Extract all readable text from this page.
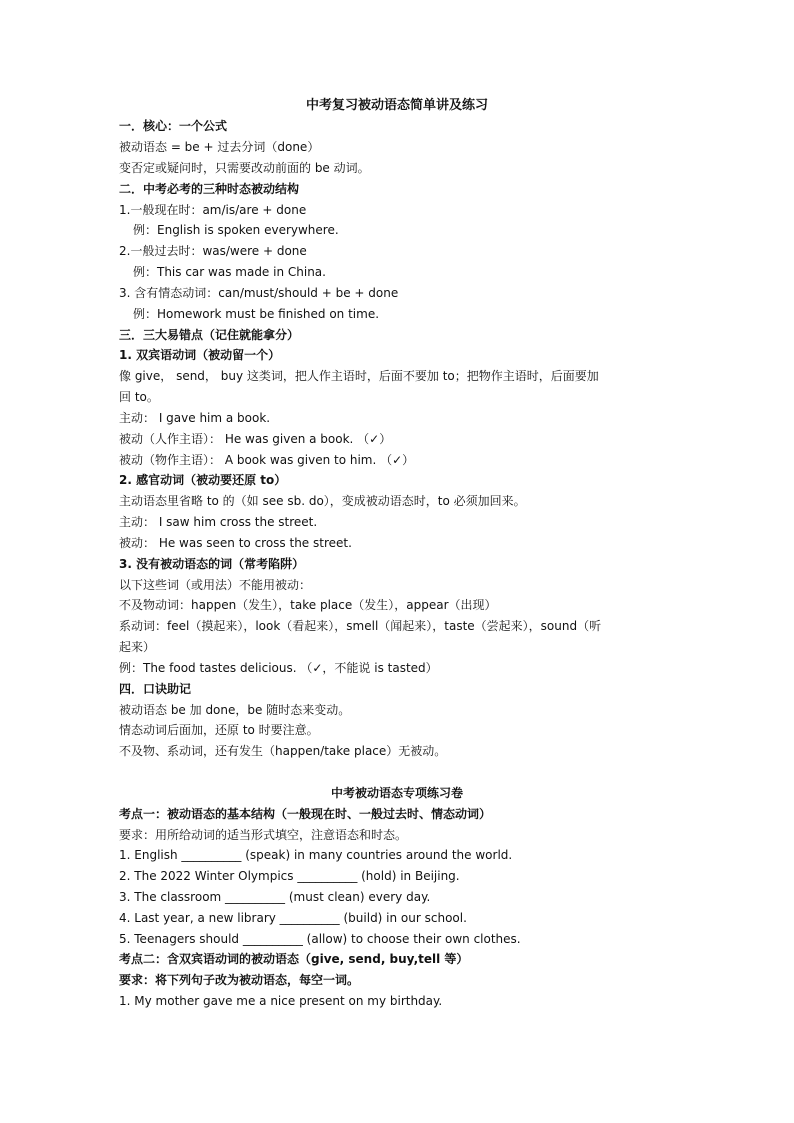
中考复习被动语态简单讲及练习
一．核心：一个公式
被动语态 = be + 过去分词（done）
变否定或疑问时，只需要改动前面的 be 动词。
二．中考必考的三种时态被动结构
1.一般现在时：am/is/are + done
例：English is spoken everywhere.
2.一般过去时：was/were + done
例：This car was made in China.
3. 含有情态动词：can/must/should + be + done
例：Homework must be finished on time.
三．三大易错点（记住就能拿分）
1. 双宾语动词（被动留一个）
像 give， send， buy 这类词，把人作主语时，后面不要加 to；把物作主语时，后面要加
回 to。
主动： I gave him a book.
被动（人作主语）： He was given a book. （✓）
被动（物作主语）： A book was given to him. （✓）
2. 感官动词（被动要还原 to）
主动语态里省略 to 的（如 see sb. do），变成被动语态时，to 必须加回来。
主动： I saw him cross the street.
被动： He was seen to cross the street.
3. 没有被动语态的词（常考陷阱）
以下这些词（或用法）不能用被动：
不及物动词：happen（发生），take place（发生），appear（出现）
系动词：feel（摸起来），look（看起来），smell（闻起来），taste（尝起来），sound（听
起来）
例：The food tastes delicious. （✓，不能说 is tasted）
四．口诀助记
被动语态 be 加 done，be 随时态来变动。
情态动词后面加，还原 to 时要注意。
不及物、系动词，还有发生（happen/take place）无被动。
中考被动语态专项练习卷
考点一：被动语态的基本结构（一般现在时、一般过去时、情态动词）
要求：用所给动词的适当形式填空，注意语态和时态。
1. English __________ (speak) in many countries around the world.
2. The 2022 Winter Olympics __________ (hold) in Beijing.
3. The classroom __________ (must clean) every day.
4. Last year, a new library __________ (build) in our school.
5. Teenagers should __________ (allow) to choose their own clothes.
考点二：含双宾语动词的被动语态（give, send, buy,tell 等）
要求：将下列句子改为被动语态，每空一词。
1. My mother gave me a nice present on my birthday.
